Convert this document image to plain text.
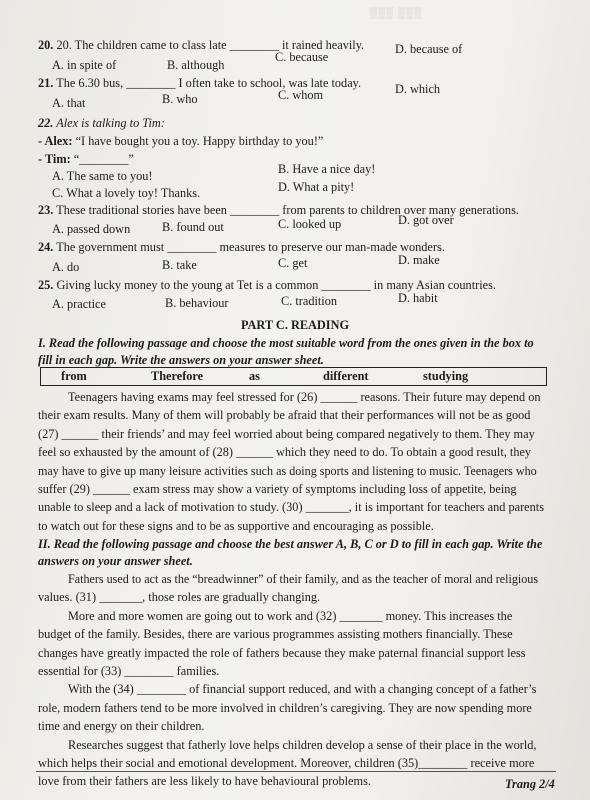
▒▒▒ ▒▒▒
20. 20. The children came to class late ________ it rained heavily.
A. in spite of	B. although
C. because
D. because of
21. The 6.30 bus, ________ I often take to school, was late today.
A. that	B. who	C. whom	D. which
22. Alex is talking to Tim:
- Alex: “I have bought you a toy. Happy birthday to you!”
- Tim: “________”
A. The same to you!	B. Have a nice day!
C. What a lovely toy! Thanks.	D. What a pity!
23. These traditional stories have been ________ from parents to children over many generations.
A. passed down	B. found out	C. looked up	D. got over
24. The government must ________ measures to preserve our man-made wonders.
A. do	B. take	C. get	D. make
25. Giving lucky money to the young at Tet is a common ________ in many Asian countries.
A. practice	B. behaviour	C. tradition	D. habit
PART C. READING
I. Read the following passage and choose the most suitable word from the ones given in the box to
fill in each gap. Write the answers on your answer sheet.
from	Therefore	as	different	studying
Teenagers having exams may feel stressed for (26) ______ reasons. Their future may depend on
their exam results. Many of them will probably be afraid that their performances will not be as good
(27) ______ their friends’ and may feel worried about being compared negatively to them. They may
feel so exhausted by the amount of (28) ______ which they need to do. To obtain a good result, they
may have to give up many leisure activities such as doing sports and listening to music. Teenagers who
suffer (29) ______ exam stress may show a variety of symptoms including loss of appetite, being
unable to sleep and a lack of motivation to study. (30) _______, it is important for teachers and parents
to watch out for these signs and to be as supportive and encouraging as possible.
II. Read the following passage and choose the best answer A, B, C or D to fill in each gap. Write the
answers on your answer sheet.
Fathers used to act as the “breadwinner” of their family, and as the teacher of moral and religious
values. (31) _______, those roles are gradually changing.
More and more women are going out to work and (32) _______ money. This increases the
budget of the family. Besides, there are various programmes assisting mothers financially. These
changes have greatly impacted the role of fathers because they make paternal financial support less
essential for (33) ________ families.
With the (34) ________ of financial support reduced, and with a changing concept of a father’s
role, modern fathers tend to be more involved in children’s caregiving. They are now spending more
time and energy on their children.
Researches suggest that fatherly love helps children develop a sense of their place in the world,
which helps their social and emotional development. Moreover, children (35)________ receive more
love from their fathers are less likely to have behavioural problems.	Trang 2/4
